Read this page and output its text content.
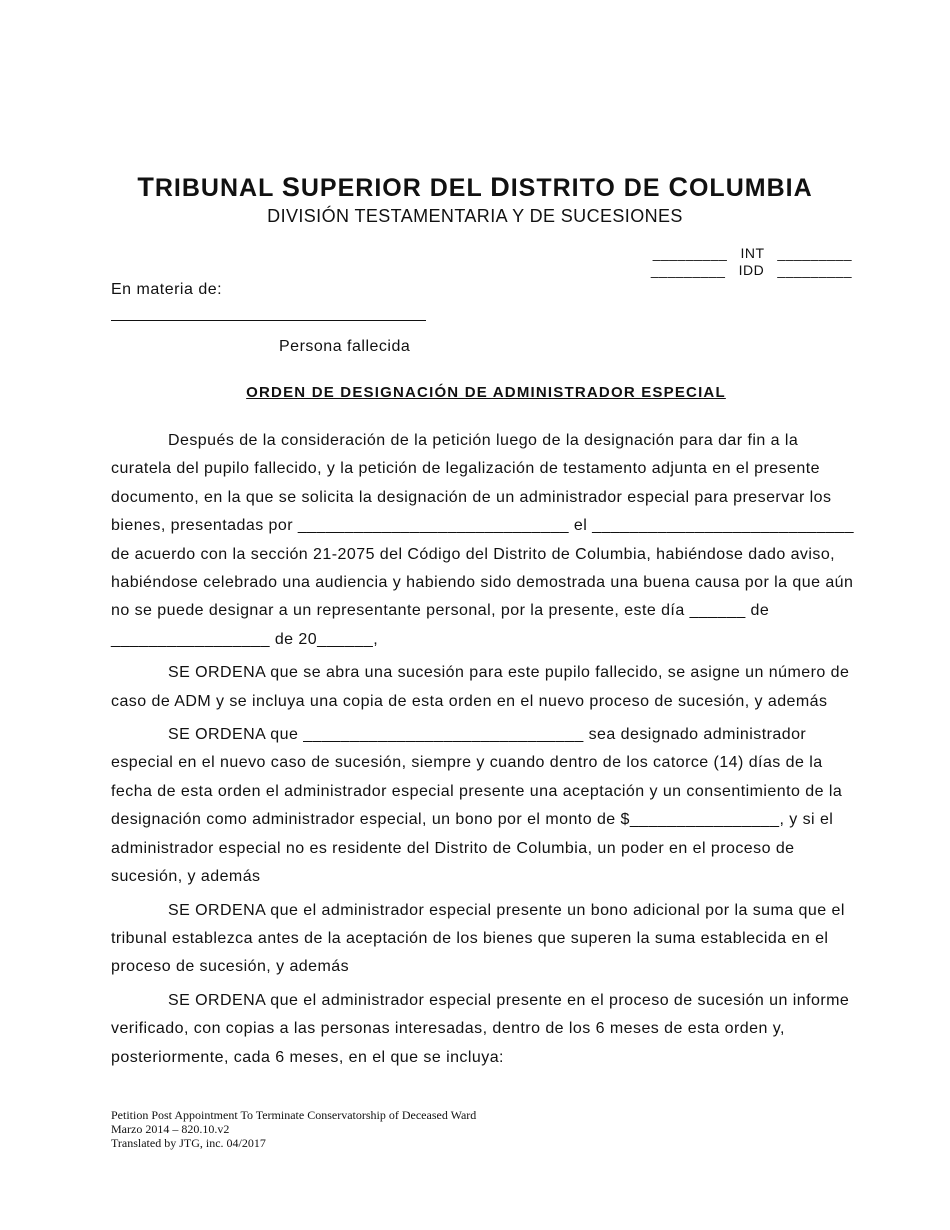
TRIBUNAL SUPERIOR DEL DISTRITO DE COLUMBIA
DIVISIÓN TESTAMENTARIA Y DE SUCESIONES
_________   INT   _________
_________   IDD   _________
En materia de:
Persona fallecida
ORDEN DE DESIGNACIÓN DE ADMINISTRADOR ESPECIAL

Después de la consideración de la petición luego de la designación para dar fin a la curatela del pupilo fallecido, y la petición de legalización de testamento adjunta en el presente documento, en la que se solicita la designación de un administrador especial para preservar los bienes, presentadas por _____________________________ el ____________________________ de acuerdo con la sección 21-2075 del Código del Distrito de Columbia, habiéndose dado aviso, habiéndose celebrado una audiencia y habiendo sido demostrada una buena causa por la que aún no se puede designar a un representante personal, por la presente, este día ______ de _________________ de 20______,

SE ORDENA que se abra una sucesión para este pupilo fallecido, se asigne un número de caso de ADM y se incluya una copia de esta orden en el nuevo proceso de sucesión, y además

SE ORDENA que ______________________________ sea designado administrador especial en el nuevo caso de sucesión, siempre y cuando dentro de los catorce (14) días de la fecha de esta orden el administrador especial presente una aceptación y un consentimiento de la designación como administrador especial, un bono por el monto de $________________, y si el administrador especial no es residente del Distrito de Columbia, un poder en el proceso de sucesión, y además

SE ORDENA que el administrador especial presente un bono adicional por la suma que el tribunal establezca antes de la aceptación de los bienes que superen la suma establecida en el proceso de sucesión, y además

SE ORDENA que el administrador especial presente en el proceso de sucesión un informe verificado, con copias a las personas interesadas, dentro de los 6 meses de esta orden y, posteriormente, cada 6 meses, en el que se incluya:

Petition Post Appointment To Terminate Conservatorship of Deceased Ward
Marzo 2014 – 820.10.v2
Translated by JTG, inc. 04/2017
